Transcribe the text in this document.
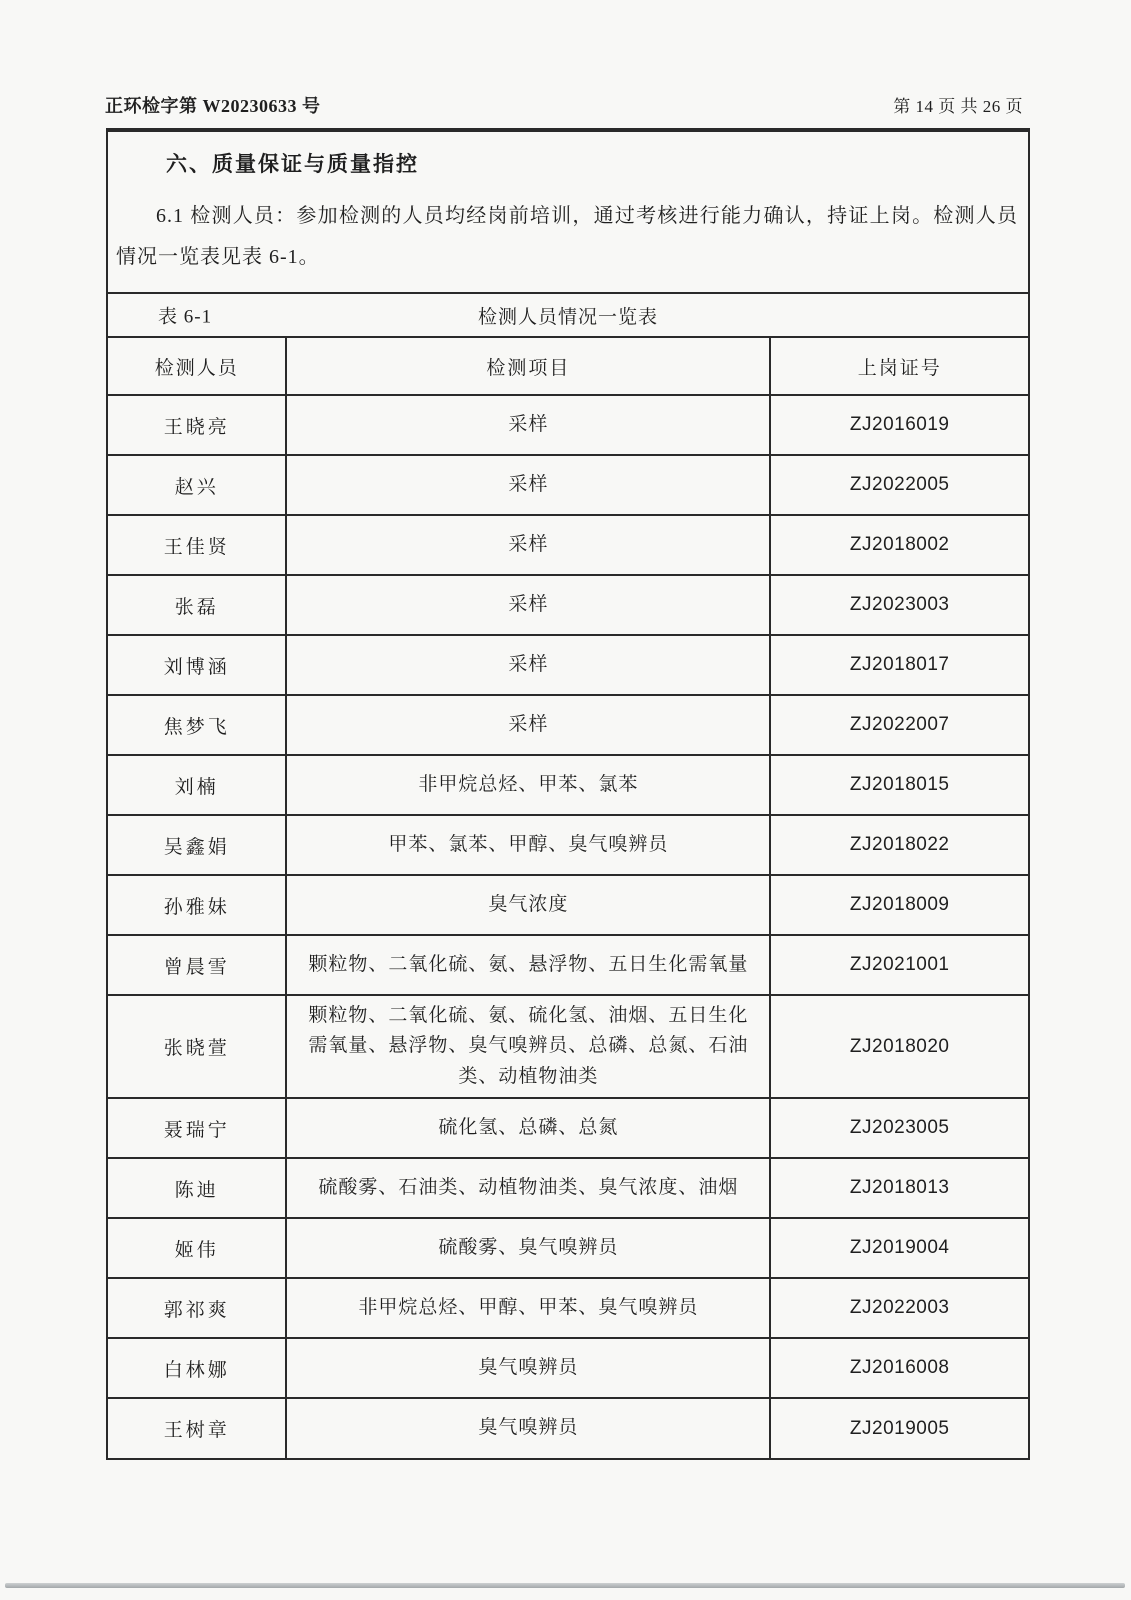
正环检字第 W20230633 号	第 14 页 共 26 页
六、质量保证与质量指控

6.1 检测人员：参加检测的人员均经岗前培训，通过考核进行能力确认，持证上岗。检测人员情况一览表见表 6-1。

表 6-1	检测人员情况一览表
检测人员	检测项目	上岗证号
王晓亮	采样	ZJ2016019
赵兴	采样	ZJ2022005
王佳贤	采样	ZJ2018002
张磊	采样	ZJ2023003
刘博涵	采样	ZJ2018017
焦梦飞	采样	ZJ2022007
刘楠	非甲烷总烃、甲苯、氯苯	ZJ2018015
吴鑫娟	甲苯、氯苯、甲醇、臭气嗅辨员	ZJ2018022
孙雅妹	臭气浓度	ZJ2018009
曾晨雪	颗粒物、二氧化硫、氨、悬浮物、五日生化需氧量	ZJ2021001
张晓萱	颗粒物、二氧化硫、氨、硫化氢、油烟、五日生化需氧量、悬浮物、臭气嗅辨员、总磷、总氮、石油类、动植物油类	ZJ2018020
聂瑞宁	硫化氢、总磷、总氮	ZJ2023005
陈迪	硫酸雾、石油类、动植物油类、臭气浓度、油烟	ZJ2018013
姬伟	硫酸雾、臭气嗅辨员	ZJ2019004
郭祁爽	非甲烷总烃、甲醇、甲苯、臭气嗅辨员	ZJ2022003
白林娜	臭气嗅辨员	ZJ2016008
王树章	臭气嗅辨员	ZJ2019005
